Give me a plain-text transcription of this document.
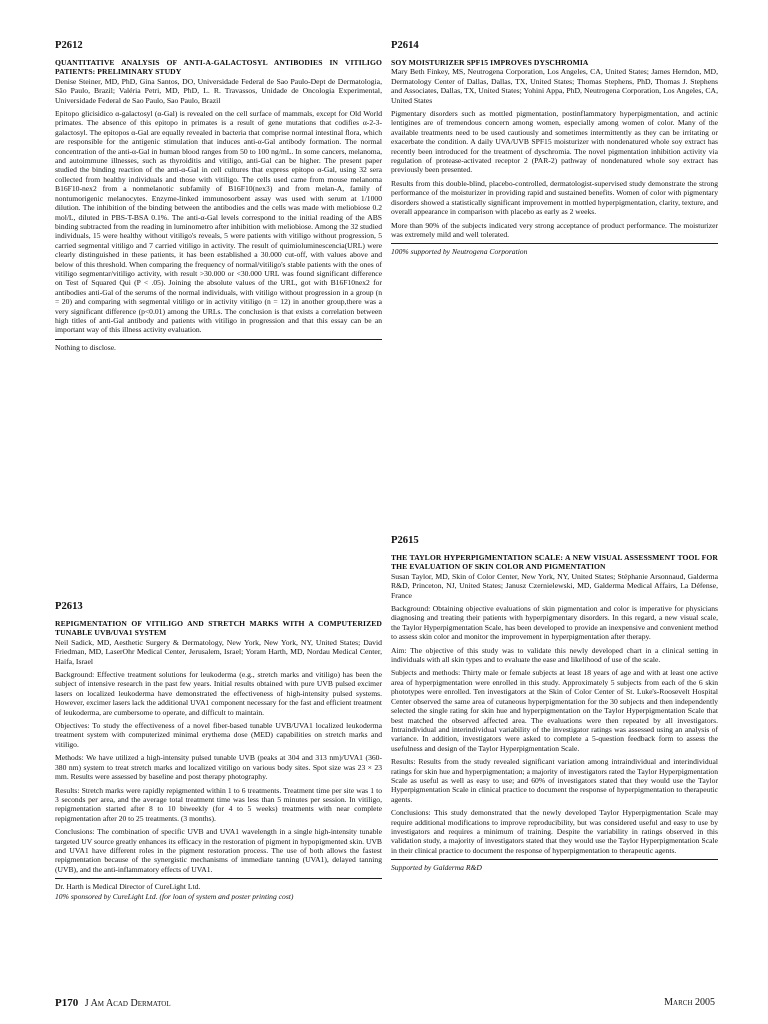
P2612
QUANTITATIVE ANALYSIS OF ANTI-Α-GALACTOSYL ANTIBODIES IN VITILIGO PATIENTS: PRELIMINARY STUDY
Denise Steiner, MD, PhD, Gina Santos, DO, Universidade Federal de Sao Paulo-Dept de Dermatologia, São Paulo, Brazil; Valéria Petri, MD, PhD, L. R. Travassos, Unidade de Oncologia Experimental, Universidade Federal de Sao Paulo, Sao Paulo, Brazil

Epitopo glicisidico α-galactosyl (α-Gal) is revealed on the cell surface of mammals, except for Old World primates. The absence of this epitopo in primates is a result of gene mutations that codifies α-2-3-galactosyl. The epitopos α-Gal are equally revealed in bacteria that comprise normal intestinal flora, which are responsible for the antigenic stimulation that induces anti-α-Gal antibody formation. The normal concentration of the anti-α-Gal in human blood ranges from 50 to 100 ng/mL. In some cancers, melanoma, and autoimmune illnesses, such as thyroiditis and vitiligo, anti-Gal can be higher. The present paper studied the binding reaction of the anti-α-Gal in cell cultures that express epitopo α-Gal, using 32 sera collected from healthy individuals and those with vitiligo. The cells used came from mouse melanoma B16F10-nex2 from a nonmelanotic subfamily of B16F10(nex3) and from melan-A, family of nontumorigenic melanocytes. Enzyme-linked immunosorbent assay was used with serum at 1/1000 dilution. The inhibition of the binding between the antibodies and the cells was made with meliobiose 0.2 mol/L, diluted in PBS-T-BSA 0.1%. The anti-α-Gal levels correspond to the initial reading of the ABS binding subtracted from the reading in luminometro after inhibition with meliobiose. Among the 32 studied individuals, 15 were healthy without vitiligo's reveals, 5 were patients with vitiligo without progression, 5 carried segmental vitiligo and 7 carried vitiligo in activity. The result of quimioluminescencia(URL) were clearly distinguished in these patients, it has been established a 30.000 cut-off, with values above and below of this threshold. When comparing the frequency of normal/vitiligo's stable patients with the ones of vitiligo segmentar/vitiligo activity, with result >30.000 or <30.000 URL was found significant difference on Test of Squared Qui (P < .05). Joining the absolute values of the URL, got with B16F10nex2 for antibodies anti-Gal of the serums of the normal individuals, with vitiligo without progression in a group (n = 20) and comparing with segmental vitiligo or in activity vitiligo (n = 12) in another group,there was a very significant difference (p<0.01) among the URLs. The conclusion is that exists a correlation between high titles of anti-Gal antibody and patients with vitiligo in progression and that this essay can be an important way of this illness activity evaluation.

Nothing to disclose.

P2613
REPIGMENTATION OF VITILIGO AND STRETCH MARKS WITH A COMPUTERIZED TUNABLE UVB/UVA1 SYSTEM
Neil Sadick, MD, Aesthetic Surgery & Dermatology, New York, New York, NY, United States; David Friedman, MD, LaserOhr Medical Center, Jerusalem, Israel; Yoram Harth, MD, Nordau Medical Center, Haifa, Israel

Background: Effective treatment solutions for leukoderma (e.g., stretch marks and vitiligo) has been the subject of intensive research in the past few years. Initial results obtained with pure UVB pulsed excimer lasers on localized leukoderma have demonstrated the effectiveness of high-intensity pulsed systems. However, excimer lasers lack the additional UVA1 component necessary for the fast and efficient treatment of leukoderma, are cumbersome to operate, and difficult to maintain.

Objectives: To study the effectiveness of a novel fiber-based tunable UVB/UVA1 localized leukoderma treatment system with computerized minimal erythema dose (MED) capabilities on stretch marks and vitiligo.

Methods: We have utilized a high-intensity pulsed tunable UVB (peaks at 304 and 313 nm)/UVA1 (360-380 nm) system to treat stretch marks and localized vitiligo on various body sites. Spot size was 23 × 23 mm. Results were assessed by baseline and post therapy photography.

Results: Stretch marks were rapidly repigmented within 1 to 6 treatments. Treatment time per site was 1 to 3 seconds per area, and the average total treatment time was less than 5 minutes per session. In vitiligo, repigmentation started after 8 to 10 biweekly (for 4 to 5 weeks) treatments with near complete repigmentation after 20 to 25 treatments. (3 months).

Conclusions: The combination of specific UVB and UVA1 wavelength in a single high-intensity tunable targeted UV source greatly enhances its efficacy in the restoration of pigment in hypopigmented skin. UVB and UVA1 have different roles in the pigment restoration process. The use of both allows the fastest repigmentation because of the synergistic mechanisms of immediate tanning (UVA1), delayed tanning (UVB), and the anti-inflammatory effects of UVA1.

Dr. Harth is Medical Director of CureLight Ltd.

10% sponsored by CureLight Ltd. (for loan of system and poster printing cost)

P2614
SOY MOISTURIZER SPF15 IMPROVES DYSCHROMIA
Mary Beth Finkey, MS, Neutrogena Corporation, Los Angeles, CA, United States; James Herndon, MD, Dermatology Center of Dallas, Dallas, TX, United States; Thomas Stephens, PhD, Thomas J. Stephens and Associates, Dallas, TX, United States; Yohini Appa, PhD, Neutrogena Corporation, Los Angeles, CA, United States

Pigmentary disorders such as mottled pigmentation, postinflammatory hyperpigmentation, and actinic lentigines are of tremendous concern among women, especially among women of color. Many of the available treatments need to be used cautiously and sometimes intermittently as they can be irritating or exacerbate the condition. A daily UVA/UVB SPF15 moisturizer with nondenatured whole soy extract has recently been introduced for the treatment of dyschromia. The novel pigmentation inhibition activity via regulation of protease-activated receptor 2 (PAR-2) pathway of nondenatured whole soy extract has previously been presented.

Results from this double-blind, placebo-controlled, dermatologist-supervised study demonstrate the strong performance of the moisturizer in providing rapid and sustained benefits. Women of color with pigmentary disorders showed a statistically significant improvement in mottled hyperpigmentation, clarity, texture, and overall appearance in comparison with placebo as early as 2 weeks.

More than 90% of the subjects indicated very strong acceptance of product performance. The moisturizer was extremely mild and well tolerated.

100% supported by Neutrogena Corporation

P2615
THE TAYLOR HYPERPIGMENTATION SCALE: A NEW VISUAL ASSESSMENT TOOL FOR THE EVALUATION OF SKIN COLOR AND PIGMENTATION
Susan Taylor, MD, Skin of Color Center, New York, NY, United States; Stéphanie Arsonnaud, Galderma R&D, Princeton, NJ, United States; Janusz Czernielewski, MD, Galderma Medical Affairs, La Défense, France

Background: Obtaining objective evaluations of skin pigmentation and color is imperative for physicians diagnosing and treating their patients with hyperpigmentary disorders. In this regard, a new visual scale, the Taylor Hyperpigmentation Scale, has been developed to provide an inexpensive and convenient method to assess skin color and monitor the improvement in hyperpigmentation after therapy.

Aim: The objective of this study was to validate this newly developed chart in a clinical setting in individuals with all skin types and to evaluate the ease and likelihood of use of the scale.

Subjects and methods: Thirty male or female subjects at least 18 years of age and with at least one active area of hyperpigmentation were enrolled in this study. Approximately 5 subjects from each of the 6 skin phototypes were enrolled. Ten investigators at the Skin of Color Center of St. Luke's-Roosevelt Hospital Center observed the same area of cutaneous hyperpigmentation for the 30 subjects and then independently selected the single rating for skin hue and hyperpigmentation on the Taylor Hyperpigmentation Scale that best matched the observed affected area. The evaluations were then repeated by all investigators. Intraindividual and interindividual variability of the investigator ratings was assessed using an analysis of variance. In addition, investigators were asked to complete a 5-question feedback form to assess the usefulness and design of the Taylor Hyperpigmentation Scale.

Results: Results from the study revealed significant variation among intraindividual and interindividual ratings for skin hue and hyperpigmentation; a majority of investigators rated the Taylor Hyperpigmentation Scale as useful as well as easy to use; and 60% of investigators stated that they would use the Taylor Hyperpigmentation Scale in clinical practice to document the response of hyperpigmentation to therapeutic agents.

Conclusions: This study demonstrated that the newly developed Taylor Hyperpigmentation Scale may require additional modifications to improve reproducibility, but was considered useful and easy to use by investigators and requires a minimum of training. Despite the variability in ratings observed in this validation study, a majority of investigators stated that they would use the Taylor Hyperpigmentation Scale in their clinical practice to document the response of hyperpigmentation to therapeutic agents.

Supported by Galderma R&D

P170 J Am Acad Dermatol	March 2005
